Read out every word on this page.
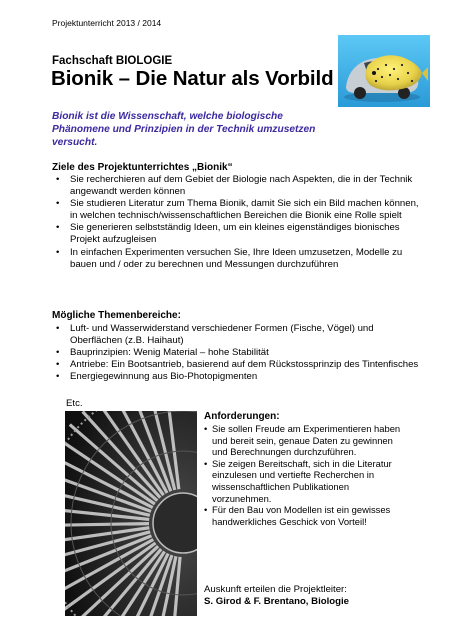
Projektunterricht 2013 / 2014
Fachschaft BIOLOGIE
Bionik – Die Natur als Vorbild
Bionik ist die Wissenschaft, welche biologische Phänomene und Prinzipien in der Technik umzusetzen versucht.
Ziele des Projektunterrichtes „Bionik“
• Sie recherchieren auf dem Gebiet der Biologie nach Aspekten, die in der Technik angewandt werden können
• Sie studieren Literatur zum Thema Bionik, damit Sie sich ein Bild machen können, in welchen technisch/wissenschaftlichen Bereichen die Bionik eine Rolle spielt
• Sie generieren selbstständig Ideen, um ein kleines eigenständiges bionisches Projekt aufzugleisen
• In einfachen Experimenten versuchen Sie, Ihre Ideen umzusetzen, Modelle zu bauen und / oder zu berechnen und Messungen durchzuführen
Mögliche Themenbereiche:
• Luft- und Wasserwiderstand verschiedener Formen (Fische, Vögel) und Oberflächen (z.B. Haihaut)
• Bauprinzipien: Wenig Material – hohe Stabilität
• Antriebe: Ein Bootsantrieb, basierend auf dem Rückstossprinzip des Tintenfisches
• Energiegewinnung aus Bio-Photopigmenten
Etc.
Anforderungen:
• Sie sollen Freude am Experimentieren haben und bereit sein, genaue Daten zu gewinnen und Berechnungen durchzuführen.
• Sie zeigen Bereitschaft, sich in die Literatur einzulesen und vertiefte Recherchen in wissenschaftlichen Publikationen vorzunehmen.
• Für den Bau von Modellen ist ein gewisses handwerkliches Geschick von Vorteil!
Auskunft erteilen die Projektleiter:
S. Girod & F. Brentano, Biologie
